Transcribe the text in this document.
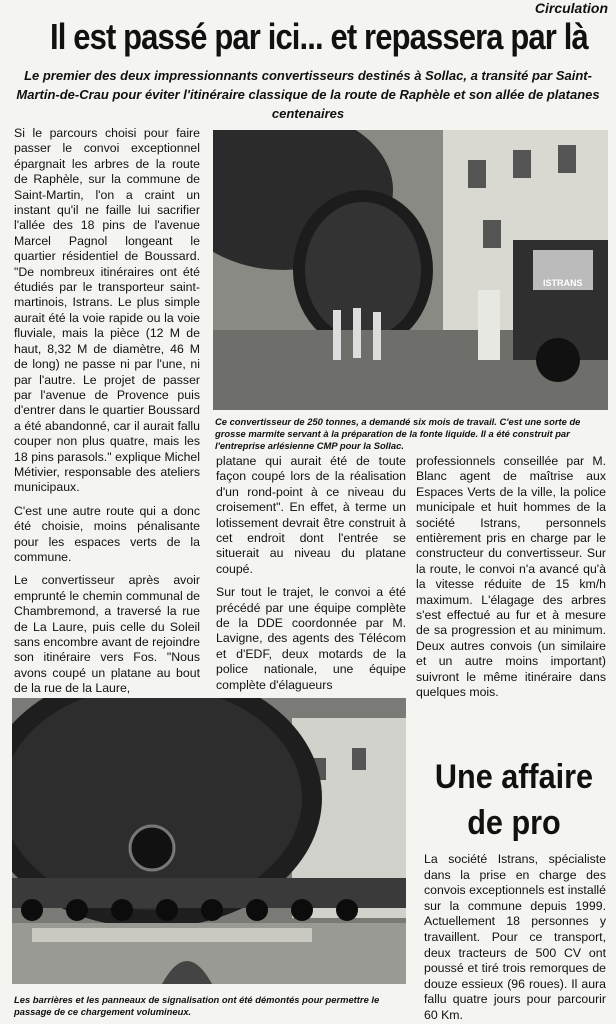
Circulation
Il est passé par ici... et repassera par là
Le premier des deux impressionnants convertisseurs destinés à Sollac, a transité par Saint-Martin-de-Crau pour éviter l'itinéraire classique de la route de Raphèle et son allée de platanes centenaires

Si le parcours choisi pour faire passer le convoi exceptionnel épargnait les arbres de la route de Raphèle, sur la commune de Saint-Martin, l'on a craint un instant qu'il ne faille lui sacrifier l'allée des 18 pins de l'avenue Marcel Pagnol longeant le quartier résidentiel de Boussard. "De nombreux itinéraires ont été étudiés par le transporteur saint-martinois, Istrans. Le plus simple aurait été la voie rapide ou la voie fluviale, mais la pièce (12 M de haut, 8,32 M de diamètre, 46 M de long) ne passe ni par l'une, ni par l'autre. Le projet de passer par l'avenue de Provence puis d'entrer dans le quartier Boussard a été abandonné, car il aurait fallu couper non plus quatre, mais les 18 pins parasols." explique Michel Métivier, responsable des ateliers municipaux.

C'est une autre route qui a donc été choisie, moins pénalisante pour les espaces verts de la commune.

Le convertisseur après avoir emprunté le chemin communal de Chambremond, a traversé la rue de La Laure, puis celle du Soleil sans encombre avant de rejoindre son itinéraire vers Fos. "Nous avons coupé un platane au bout de la rue de la Laure,

ISTRANS
Ce convertisseur de 250 tonnes, a demandé six mois de travail. C'est une sorte de grosse marmite servant à la préparation de la fonte liquide. Il a été construit par l'entreprise arlésienne CMP pour la Sollac.

platane qui aurait été de toute façon coupé lors de la réalisation d'un rond-point à ce niveau du croisement". En effet, à terme un lotissement devrait être construit à cet endroit dont l'entrée se situerait au niveau du platane coupé.

Sur tout le trajet, le convoi a été précédé par une équipe complète de la DDE coordonnée par M. Lavigne, des agents des Télécom et d'EDF, deux motards de la police nationale, une équipe complète d'élagueurs

professionnels conseillée par M. Blanc agent de maîtrise aux Espaces Verts de la ville, la police municipale et huit hommes de la société Istrans, personnels entièrement pris en charge par le constructeur du convertisseur. Sur la route, le convoi n'a avancé qu'à la vitesse réduite de 15 km/h maximum. L'élagage des arbres s'est effectué au fur et à mesure de sa progression et au minimum. Deux autres convois (un similaire et un autre moins important) suivront le même itinéraire dans quelques mois.

Les barrières et les panneaux de signalisation ont été démontés pour permettre le passage de ce chargement volumineux.
Une affaire
de pro

La société Istrans, spécialiste dans la prise en charge des convois exceptionnels est installé sur la commune depuis 1999. Actuellement 18 personnes y travaillent. Pour ce transport, deux tracteurs de 500 CV ont poussé et tiré trois remorques de douze essieux (96 roues). Il aura fallu quatre jours pour parcourir 60 Km.
